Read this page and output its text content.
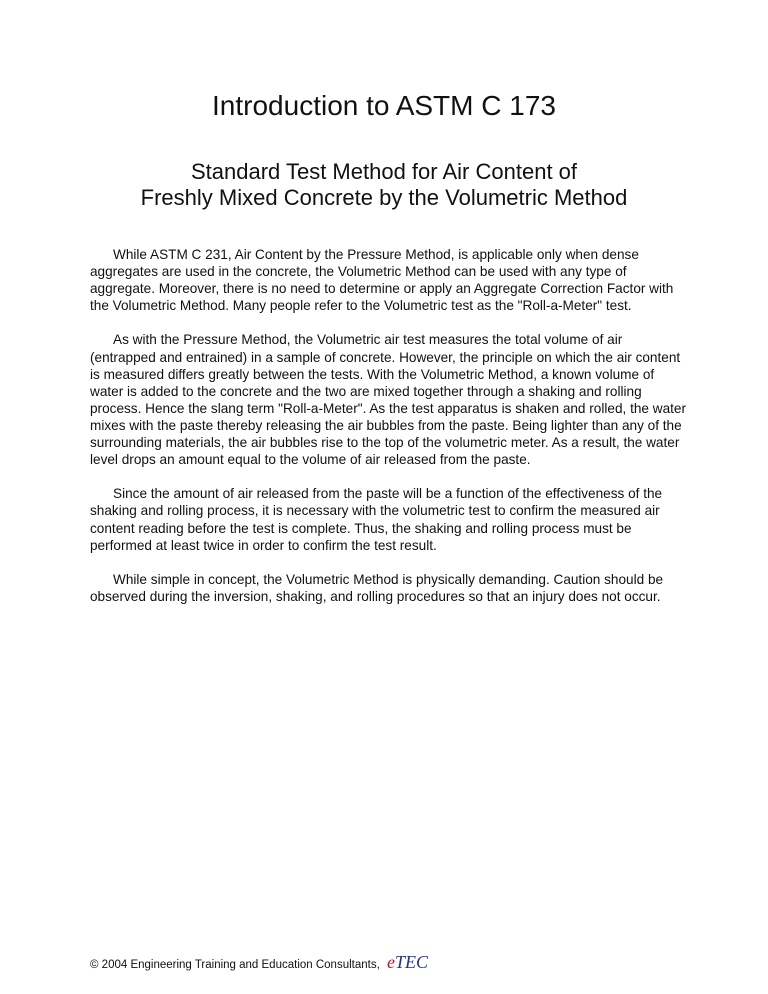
Introduction to ASTM C 173
Standard Test Method for Air Content of
Freshly Mixed Concrete by the Volumetric Method

While ASTM C 231, Air Content by the Pressure Method, is applicable only when dense aggregates are used in the concrete, the Volumetric Method can be used with any type of aggregate. Moreover, there is no need to determine or apply an Aggregate Correction Factor with the Volumetric Method. Many people refer to the Volumetric test as the "Roll-a-Meter" test.

As with the Pressure Method, the Volumetric air test measures the total volume of air (entrapped and entrained) in a sample of concrete. However, the principle on which the air content is measured differs greatly between the tests. With the Volumetric Method, a known volume of water is added to the concrete and the two are mixed together through a shaking and rolling process. Hence the slang term "Roll-a-Meter". As the test apparatus is shaken and rolled, the water mixes with the paste thereby releasing the air bubbles from the paste. Being lighter than any of the surrounding materials, the air bubbles rise to the top of the volumetric meter. As a result, the water level drops an amount equal to the volume of air released from the paste.

Since the amount of air released from the paste will be a function of the effectiveness of the shaking and rolling process, it is necessary with the volumetric test to confirm the measured air content reading before the test is complete. Thus, the shaking and rolling process must be performed at least twice in order to confirm the test result.

While simple in concept, the Volumetric Method is physically demanding. Caution should be observed during the inversion, shaking, and rolling procedures so that an injury does not occur.

© 2004 Engineering Training and Education Consultants, eTEC
